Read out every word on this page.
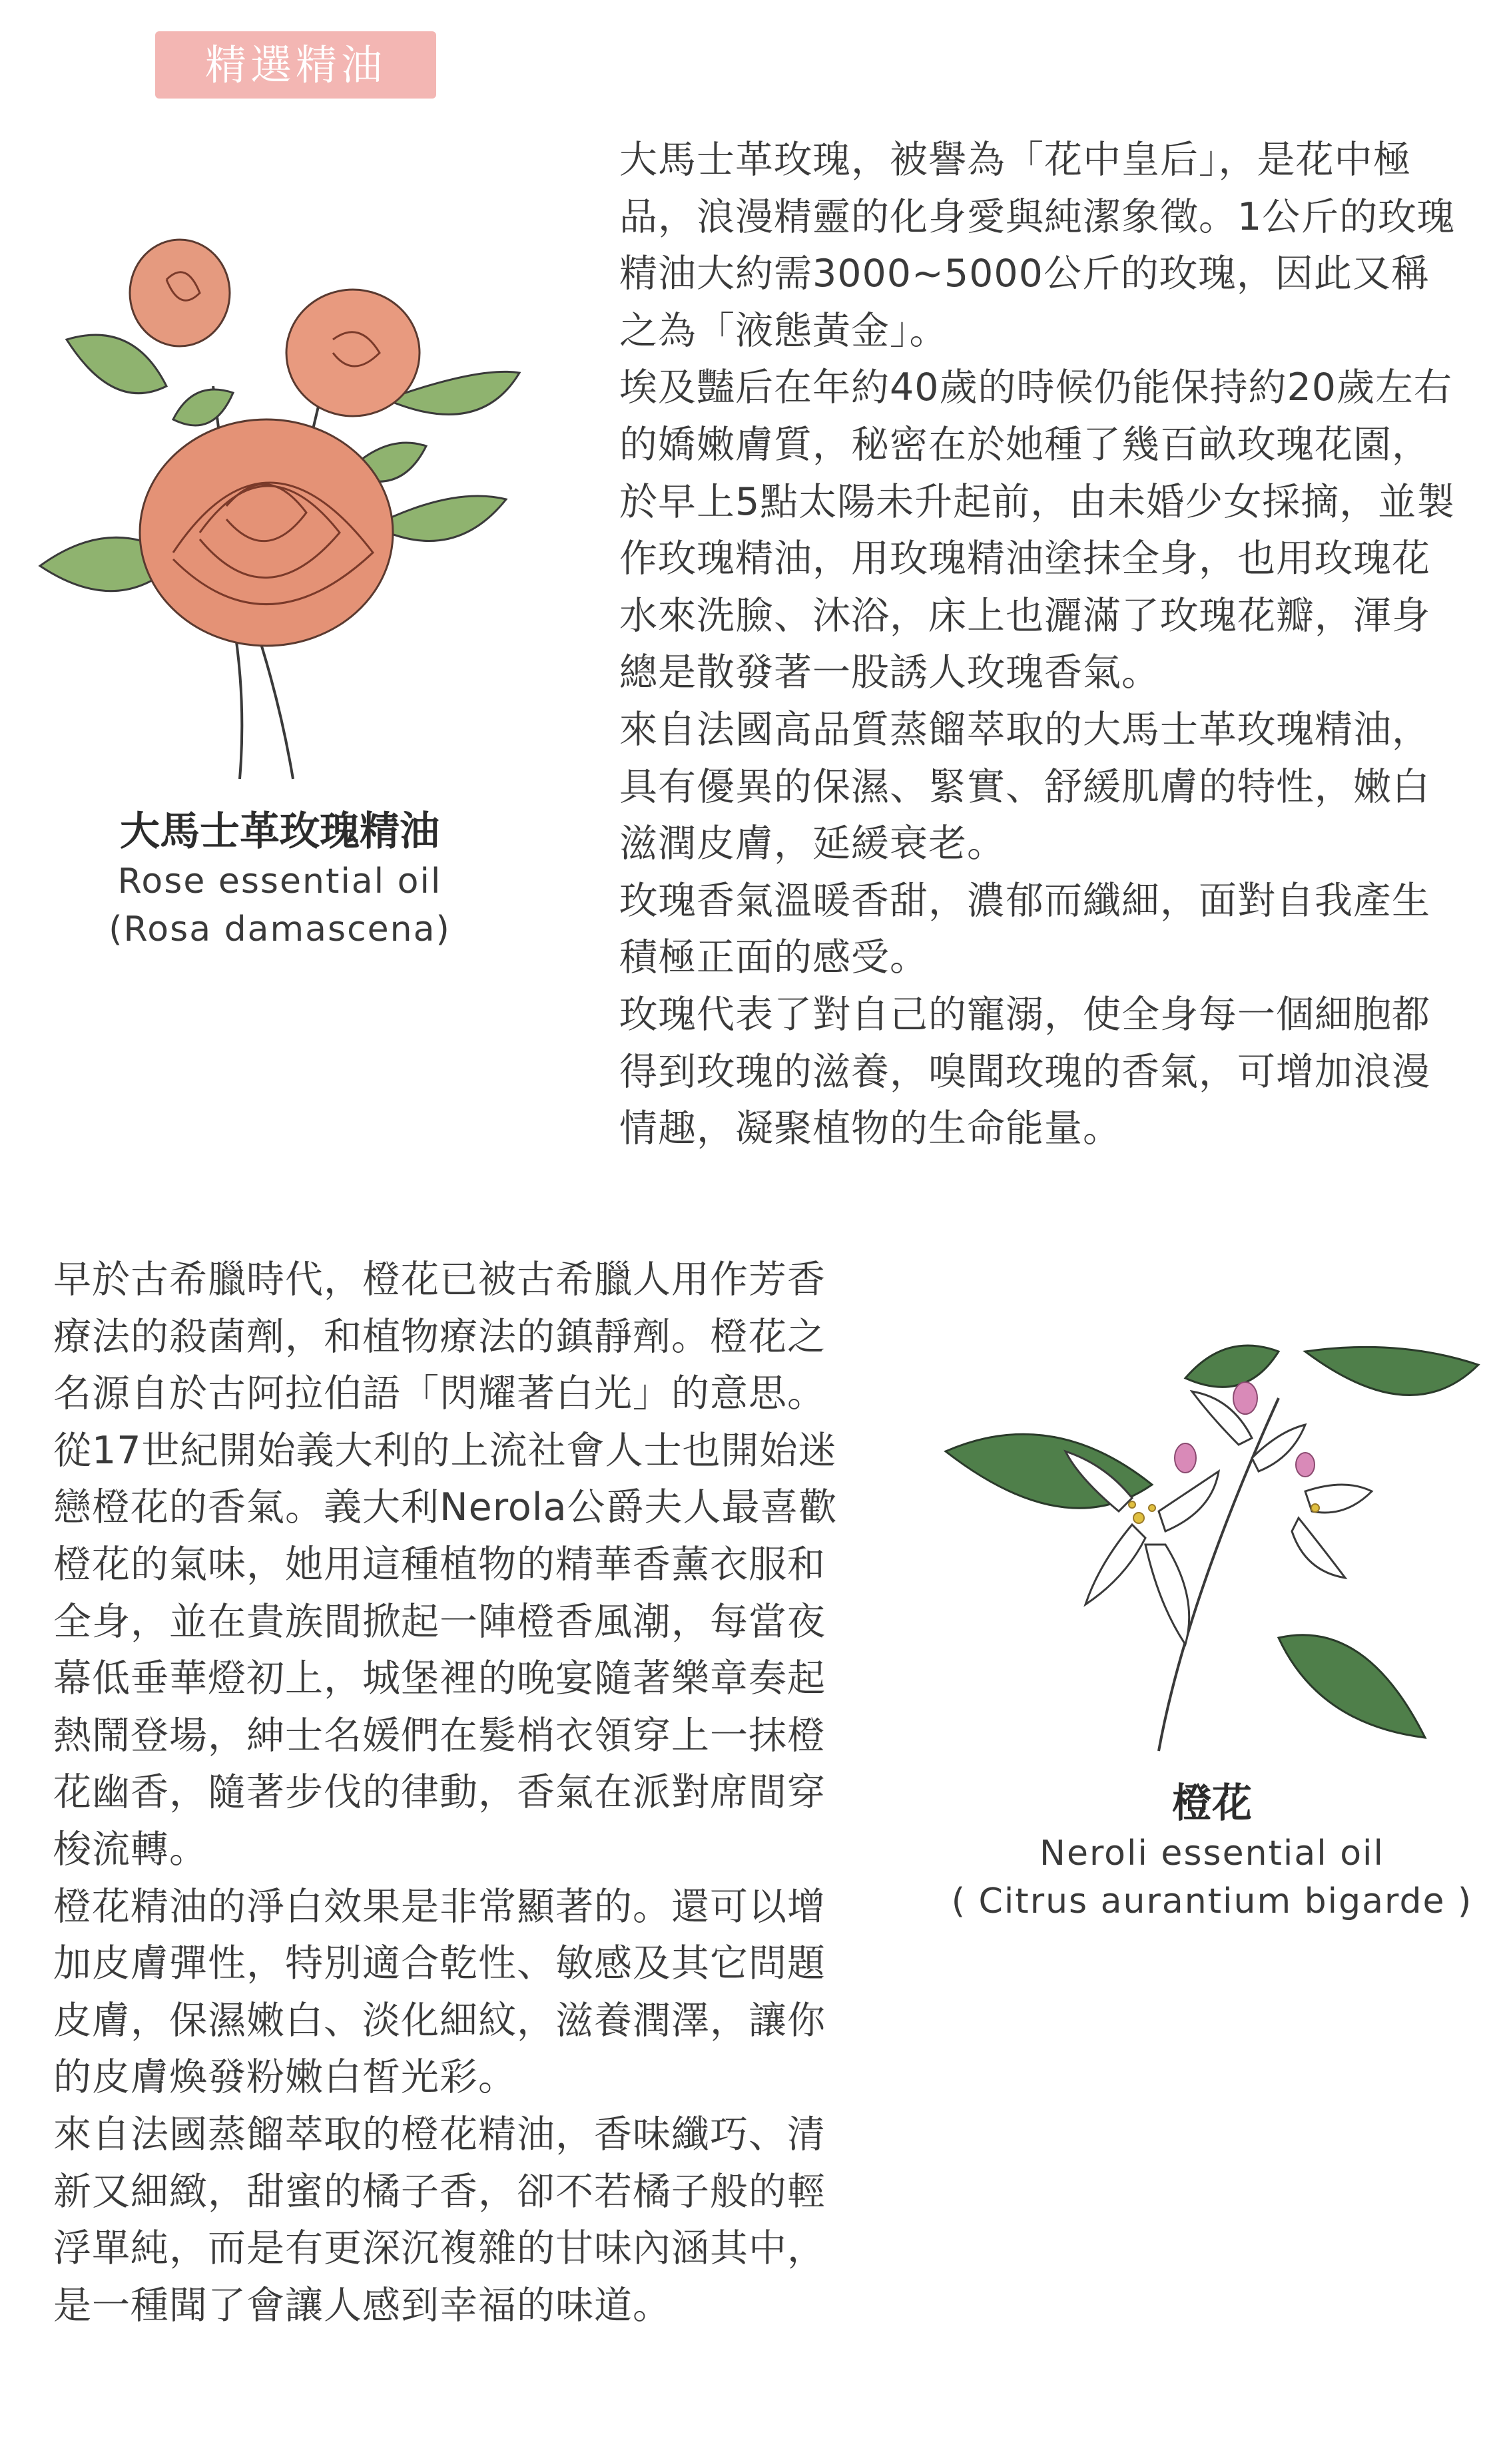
精選精油
大馬士革玫瑰精油
Rose essential oil
(Rosa damascena)

大馬士革玫瑰，被譽為「花中皇后」，是花中極品，浪漫精靈的化身愛與純潔象徵。1公斤的玫瑰精油大約需3000~5000公斤的玫瑰，因此又稱之為「液態黃金」。

埃及豔后在年約40歲的時候仍能保持約20歲左右的嬌嫩膚質，秘密在於她種了幾百畝玫瑰花園，於早上5點太陽未升起前，由未婚少女採摘，並製作玫瑰精油，用玫瑰精油塗抹全身，也用玫瑰花水來洗臉、沐浴，床上也灑滿了玫瑰花瓣，渾身總是散發著一股誘人玫瑰香氣。

來自法國高品質蒸餾萃取的大馬士革玫瑰精油，具有優異的保濕、緊實、舒緩肌膚的特性，嫩白滋潤皮膚，延緩衰老。

玫瑰香氣溫暖香甜，濃郁而纖細，面對自我產生積極正面的感受。

玫瑰代表了對自己的寵溺，使全身每一個細胞都得到玫瑰的滋養，嗅聞玫瑰的香氣，可增加浪漫情趣，凝聚植物的生命能量。

早於古希臘時代，橙花已被古希臘人用作芳香療法的殺菌劑，和植物療法的鎮靜劑。橙花之名源自於古阿拉伯語「閃耀著白光」的意思。

從17世紀開始義大利的上流社會人士也開始迷戀橙花的香氣。義大利Nerola公爵夫人最喜歡橙花的氣味，她用這種植物的精華香薰衣服和全身，並在貴族間掀起一陣橙香風潮，每當夜幕低垂華燈初上，城堡裡的晚宴隨著樂章奏起熱鬧登場，紳士名媛們在髮梢衣領穿上一抹橙花幽香，隨著步伐的律動，香氣在派對席間穿梭流轉。

橙花精油的淨白效果是非常顯著的。還可以增加皮膚彈性，特別適合乾性、敏感及其它問題皮膚，保濕嫩白、淡化細紋，滋養潤澤，讓你的皮膚煥發粉嫩白皙光彩。

來自法國蒸餾萃取的橙花精油，香味纖巧、清新又細緻，甜蜜的橘子香，卻不若橘子般的輕浮單純，而是有更深沉複雜的甘味內涵其中，是一種聞了會讓人感到幸福的味道。

橙花
Neroli essential oil
( Citrus aurantium bigarde )
